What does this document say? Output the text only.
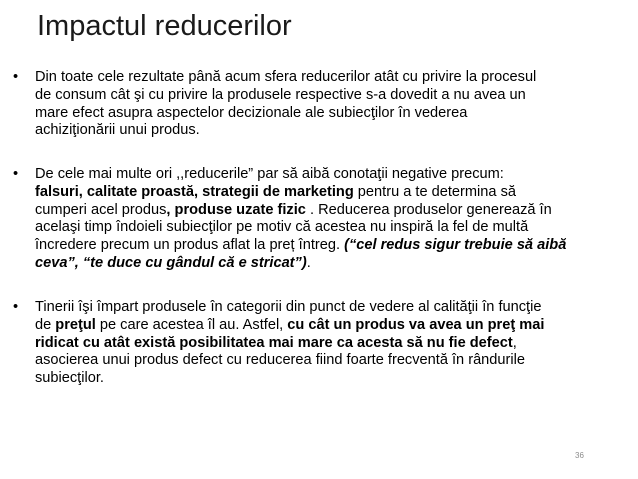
Impactul reducerilor
•	Din toate cele rezultate până acum sfera reducerilor atât cu privire la procesul
de consum cât şi cu privire la produsele respective s-a dovedit a nu avea un
mare efect asupra aspectelor decizionale ale subiecţilor în vederea
achiziţionării unui produs.
•	De cele mai multe ori ,,reducerile” par să aibă conotaţii negative precum:
falsuri, calitate proastă, strategii de marketing pentru a te determina să
cumperi acel produs, produse uzate fizic . Reducerea produselor generează în
acelaşi timp îndoieli subiecţilor pe motiv că acestea nu inspiră la fel de multă
încredere precum un produs aflat la preț întreg. (“cel redus sigur trebuie să aibă
ceva”, “te duce cu gândul că e stricat”).
•	Tinerii îşi împart produsele în categorii din punct de vedere al calităţii în funcţie
de preţul pe care acestea îl au. Astfel, cu cât un produs va avea un preţ mai
ridicat cu atât există posibilitatea mai mare ca acesta să nu fie defect,
asocierea unui produs defect cu reducerea fiind foarte frecventă în rândurile
subiecţilor.
36
